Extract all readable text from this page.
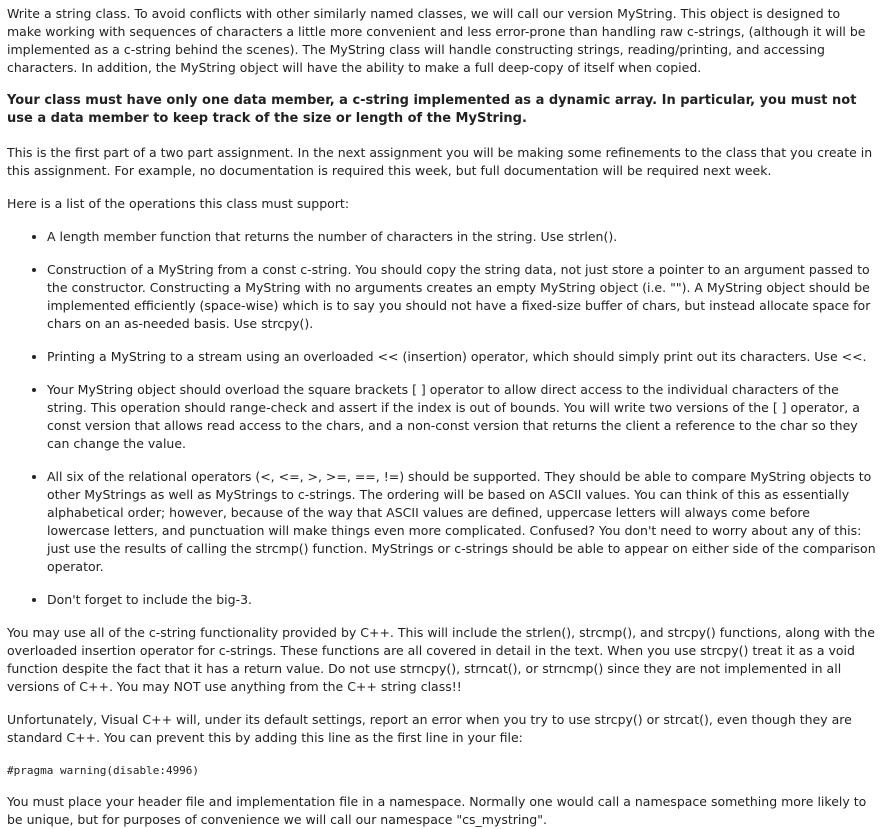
Write a string class. To avoid conflicts with other similarly named classes, we will call our version MyString. This object is designed to make working with sequences of characters a little more convenient and less error-prone than handling raw c-strings, (although it will be implemented as a c-string behind the scenes). The MyString class will handle constructing strings, reading/printing, and accessing characters. In addition, the MyString object will have the ability to make a full deep-copy of itself when copied.

Your class must have only one data member, a c-string implemented as a dynamic array. In particular, you must not use a data member to keep track of the size or length of the MyString.

This is the first part of a two part assignment. In the next assignment you will be making some refinements to the class that you create in this assignment. For example, no documentation is required this week, but full documentation will be required next week.

Here is a list of the operations this class must support:

• A length member function that returns the number of characters in the string. Use strlen().
• Construction of a MyString from a const c-string. You should copy the string data, not just store a pointer to an argument passed to the constructor. Constructing a MyString with no arguments creates an empty MyString object (i.e. ""). A MyString object should be implemented efficiently (space-wise) which is to say you should not have a fixed-size buffer of chars, but instead allocate space for chars on an as-needed basis. Use strcpy().
• Printing a MyString to a stream using an overloaded << (insertion) operator, which should simply print out its characters. Use <<.
• Your MyString object should overload the square brackets [ ] operator to allow direct access to the individual characters of the string. This operation should range-check and assert if the index is out of bounds. You will write two versions of the [ ] operator, a const version that allows read access to the chars, and a non-const version that returns the client a reference to the char so they can change the value.
• All six of the relational operators (<, <=, >, >=, ==, !=) should be supported. They should be able to compare MyString objects to other MyStrings as well as MyStrings to c-strings. The ordering will be based on ASCII values. You can think of this as essentially alphabetical order; however, because of the way that ASCII values are defined, uppercase letters will always come before lowercase letters, and punctuation will make things even more complicated. Confused? You don't need to worry about any of this: just use the results of calling the strcmp() function. MyStrings or c-strings should be able to appear on either side of the comparison operator.
• Don't forget to include the big-3.

You may use all of the c-string functionality provided by C++. This will include the strlen(), strcmp(), and strcpy() functions, along with the overloaded insertion operator for c-strings. These functions are all covered in detail in the text. When you use strcpy() treat it as a void function despite the fact that it has a return value. Do not use strncpy(), strncat(), or strncmp() since they are not implemented in all versions of C++. You may NOT use anything from the C++ string class!!

Unfortunately, Visual C++ will, under its default settings, report an error when you try to use strcpy() or strcat(), even though they are standard C++. You can prevent this by adding this line as the first line in your file:

#pragma warning(disable:4996)

You must place your header file and implementation file in a namespace. Normally one would call a namespace something more likely to be unique, but for purposes of convenience we will call our namespace "cs_mystring".
